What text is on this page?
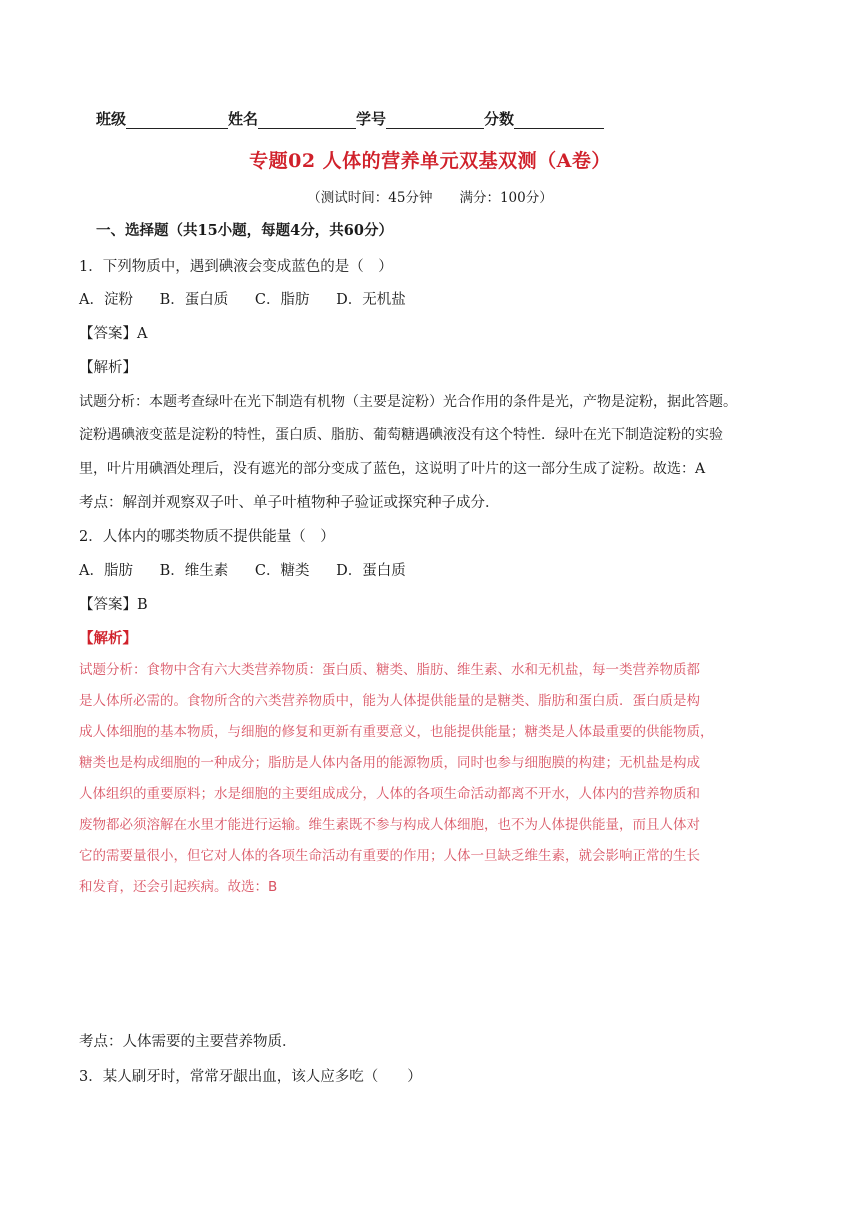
班级	姓名	学号	分数
专题02 人体的营养单元双基双测（A卷）
（测试时间：45分钟　　满分：100分）
一、选择题（共15小题，每题4分，共60分）
1．下列物质中，遇到碘液会变成蓝色的是（　）
A．淀粉 B．蛋白质 C．脂肪 D．无机盐
【答案】A
【解析】
试题分析：本题考查绿叶在光下制造有机物（主要是淀粉）光合作用的条件是光，产物是淀粉，据此答题。
淀粉遇碘液变蓝是淀粉的特性，蛋白质、脂肪、葡萄糖遇碘液没有这个特性．绿叶在光下制造淀粉的实验
里，叶片用碘酒处理后，没有遮光的部分变成了蓝色，这说明了叶片的这一部分生成了淀粉。故选：A
考点：解剖并观察双子叶、单子叶植物种子验证或探究种子成分．
2．人体内的哪类物质不提供能量（　）
A．脂肪 B．维生素 C．糖类 D．蛋白质
【答案】B
【解析】
试题分析：食物中含有六大类营养物质：蛋白质、糖类、脂肪、维生素、水和无机盐，每一类营养物质都
是人体所必需的。食物所含的六类营养物质中，能为人体提供能量的是糖类、脂肪和蛋白质．蛋白质是构
成人体细胞的基本物质，与细胞的修复和更新有重要意义，也能提供能量；糖类是人体最重要的供能物质，
糖类也是构成细胞的一种成分；脂肪是人体内备用的能源物质，同时也参与细胞膜的构建；无机盐是构成
人体组织的重要原料；水是细胞的主要组成成分，人体的各项生命活动都离不开水，人体内的营养物质和
废物都必须溶解在水里才能进行运输。维生素既不参与构成人体细胞，也不为人体提供能量，而且人体对
它的需要量很小，但它对人体的各项生命活动有重要的作用；人体一旦缺乏维生素，就会影响正常的生长
和发育，还会引起疾病。故选：B
考点：人体需要的主要营养物质．
3．某人刷牙时，常常牙龈出血，该人应多吃（　　）
